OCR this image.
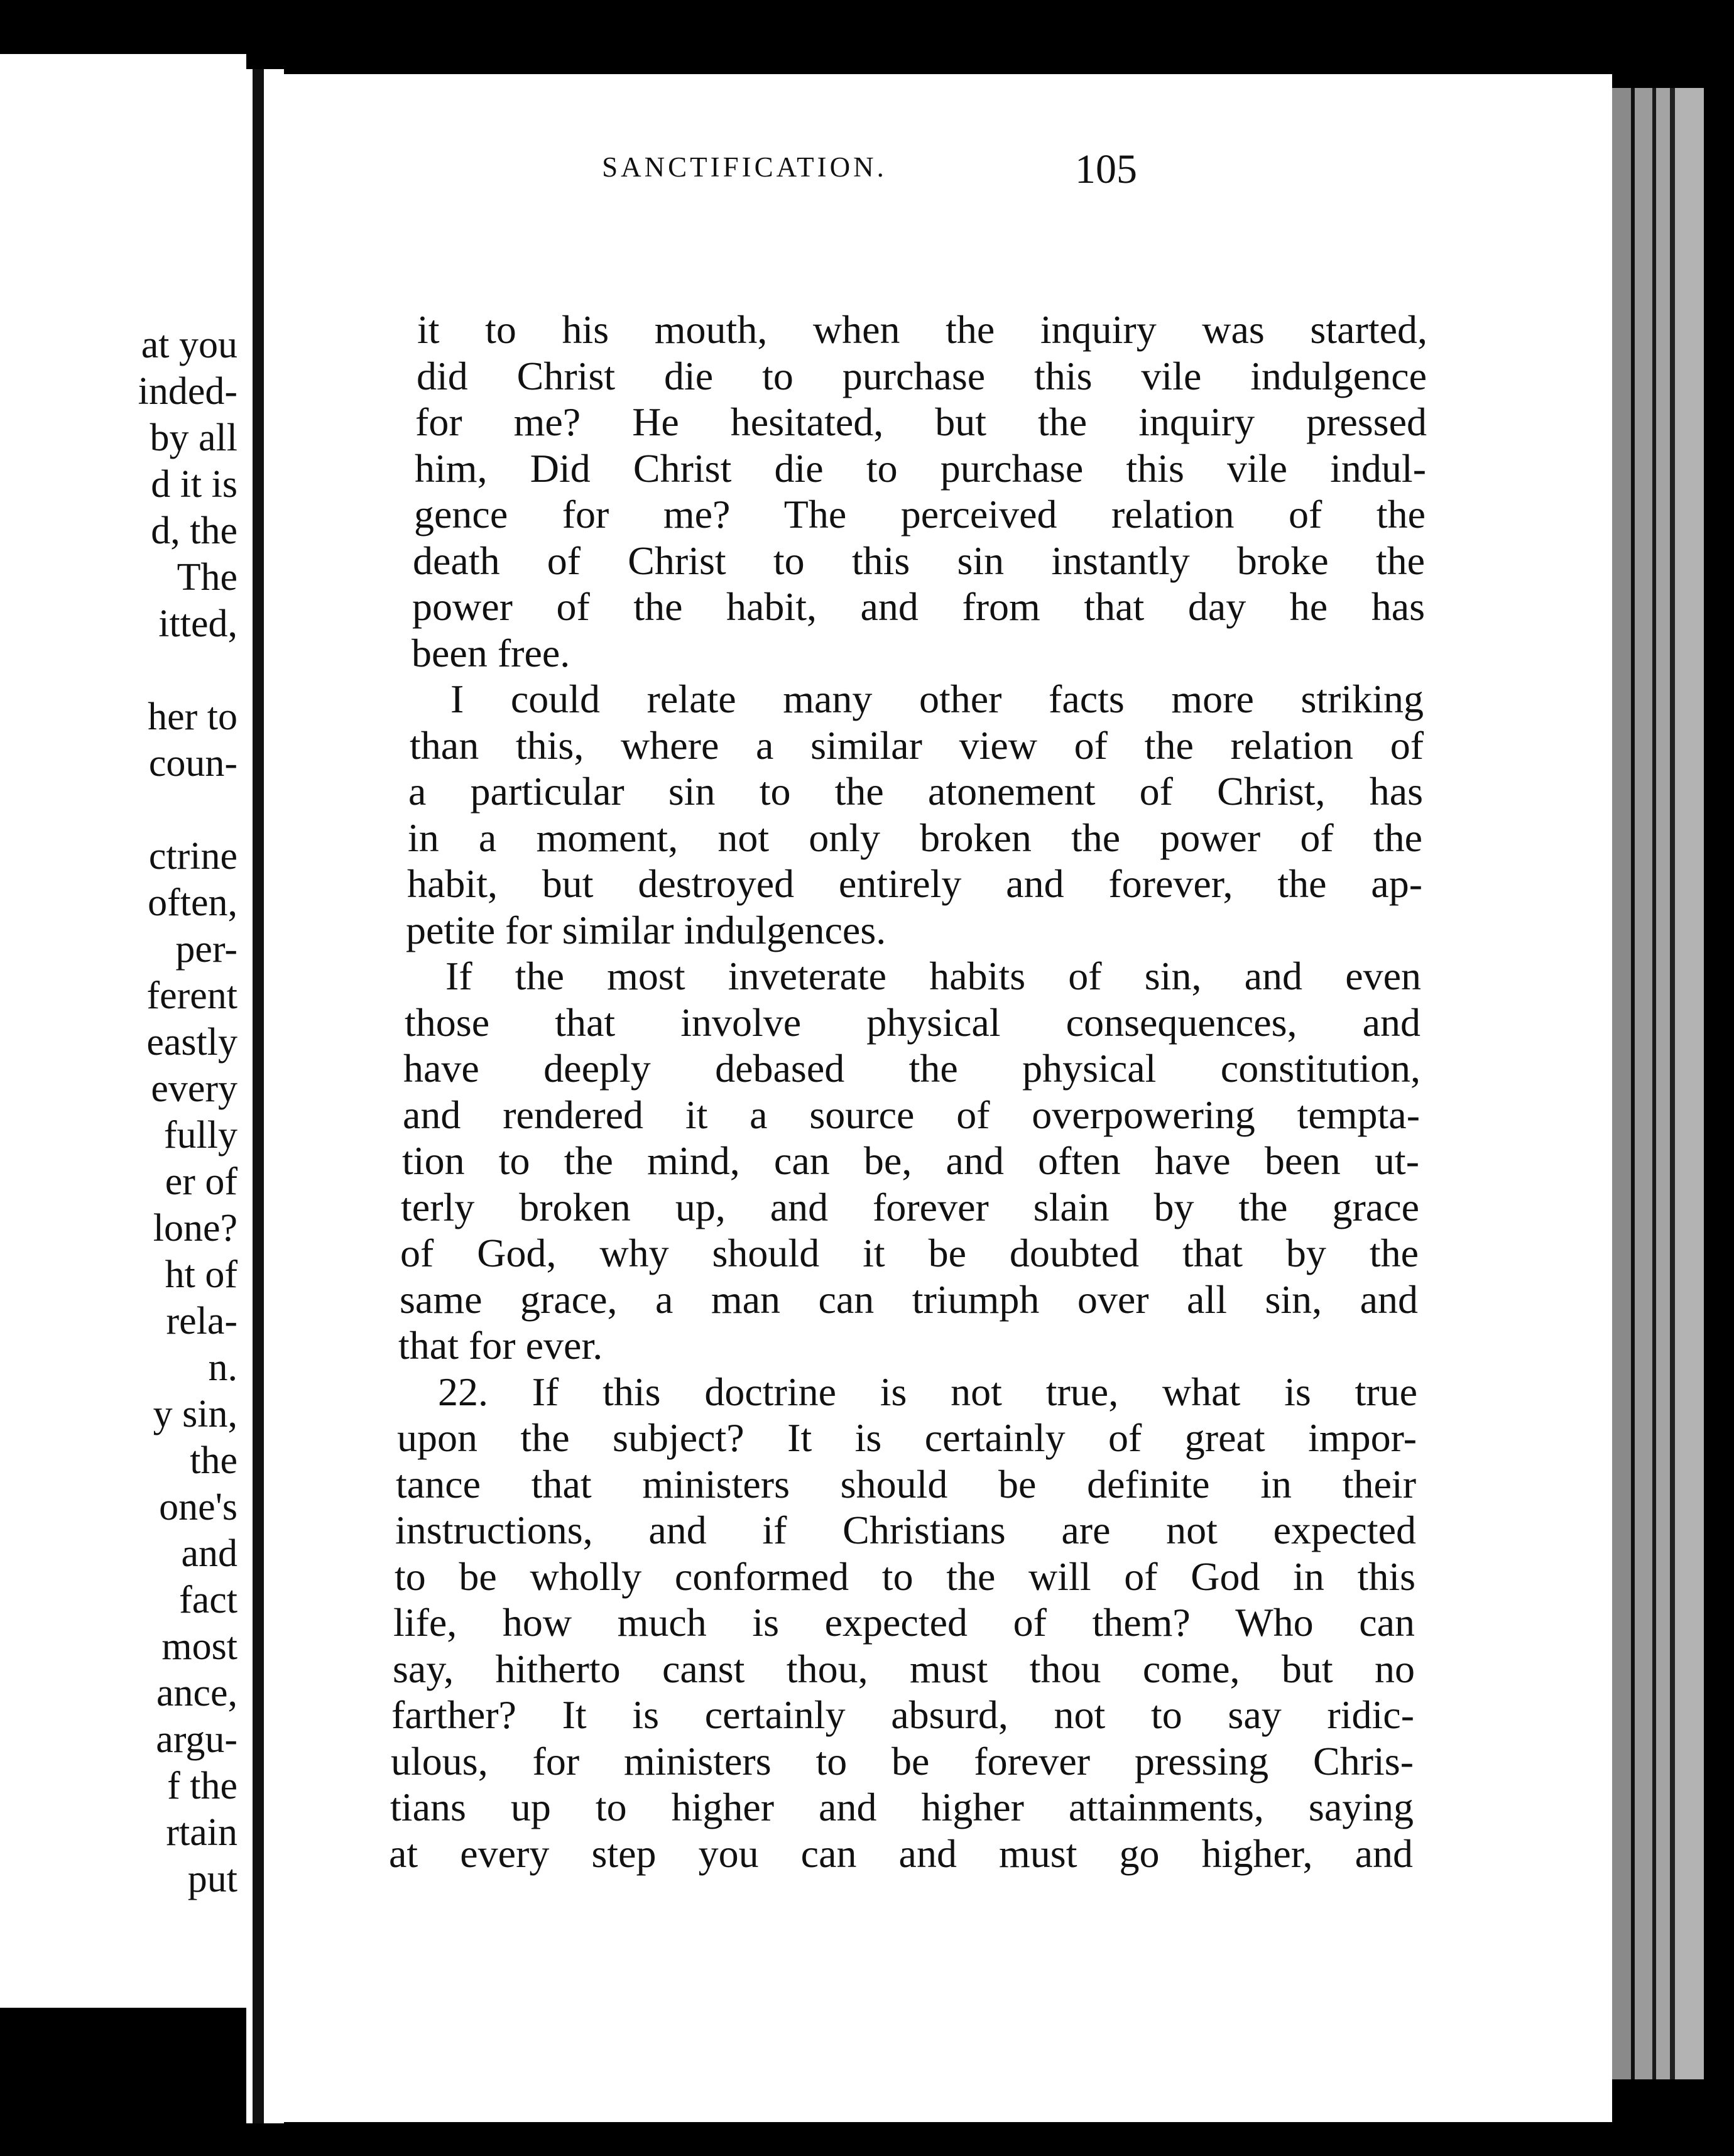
at you
inded-
by all
d it is
d, the
The
itted,
her to
coun-
ctrine
often,
per-
ferent
eastly
every
fully
er of
lone?
ht of
rela-
n.
y sin,
the
one's
and
fact
most
ance,
argu-
f the
rtain
put
SANCTIFICATION.	105
it to his mouth, when the inquiry was started,
did Christ die to purchase this vile indulgence
for me? He hesitated, but the inquiry pressed
him, Did Christ die to purchase this vile indul-
gence for me? The perceived relation of the
death of Christ to this sin instantly broke the
power of the habit, and from that day he has
been free.
I could relate many other facts more striking
than this, where a similar view of the relation of
a particular sin to the atonement of Christ, has
in a moment, not only broken the power of the
habit, but destroyed entirely and forever, the ap-
petite for similar indulgences.
If the most inveterate habits of sin, and even
those that involve physical consequences, and
have deeply debased the physical constitution,
and rendered it a source of overpowering tempta-
tion to the mind, can be, and often have been ut-
terly broken up, and forever slain by the grace
of God, why should it be doubted that by the
same grace, a man can triumph over all sin, and
that for ever.
22. If this doctrine is not true, what is true
upon the subject? It is certainly of great impor-
tance that ministers should be definite in their
instructions, and if Christians are not expected
to be wholly conformed to the will of God in this
life, how much is expected of them? Who can
say, hitherto canst thou, must thou come, but no
farther? It is certainly absurd, not to say ridic-
ulous, for ministers to be forever pressing Chris-
tians up to higher and higher attainments, saying
at every step you can and must go higher, and
